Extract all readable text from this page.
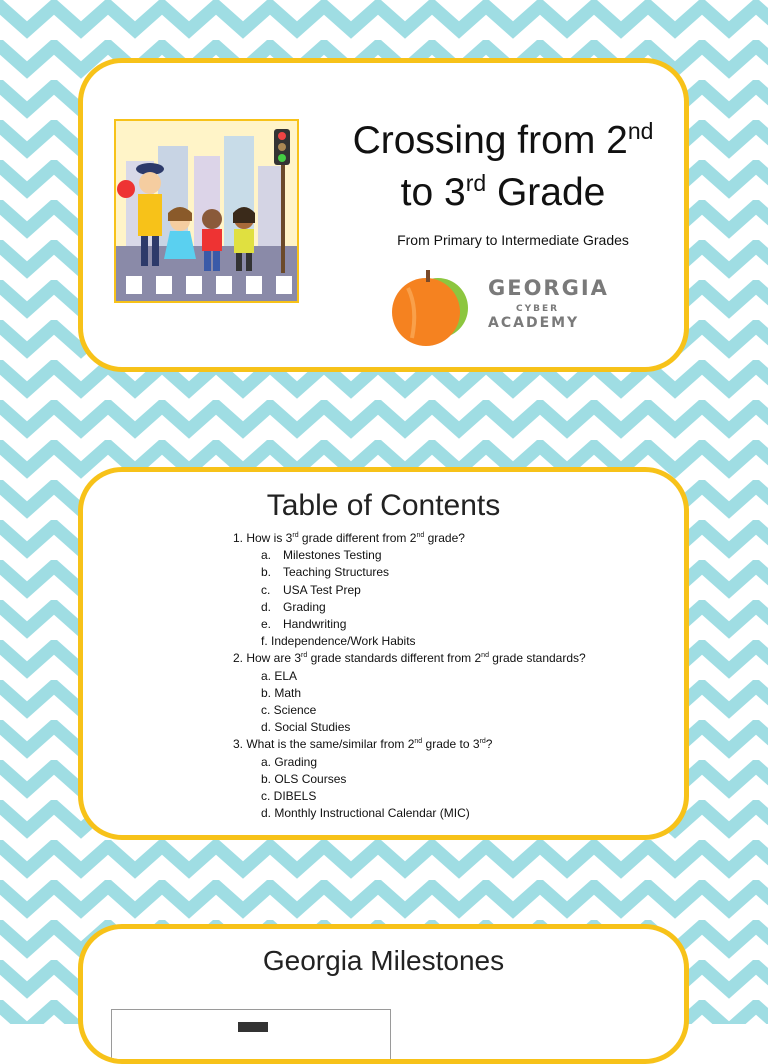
Crossing from 2nd
to 3rd Grade
From Primary to Intermediate Grades
GEORGIA
CYBER
ACADEMY
Table of Contents

1. How is 3rd grade different from 2nd grade?

a. Milestones Testing

b. Teaching Structures

c. USA Test Prep

d. Grading

e. Handwriting

f. Independence/Work Habits

2. How are 3rd grade standards different from 2nd grade standards?

a. ELA

b. Math

c. Science

d. Social Studies

3. What is the same/similar from 2nd grade to 3rd?

a. Grading

b. OLS Courses

c. DIBELS

d. Monthly Instructional Calendar (MIC)

Georgia Milestones
